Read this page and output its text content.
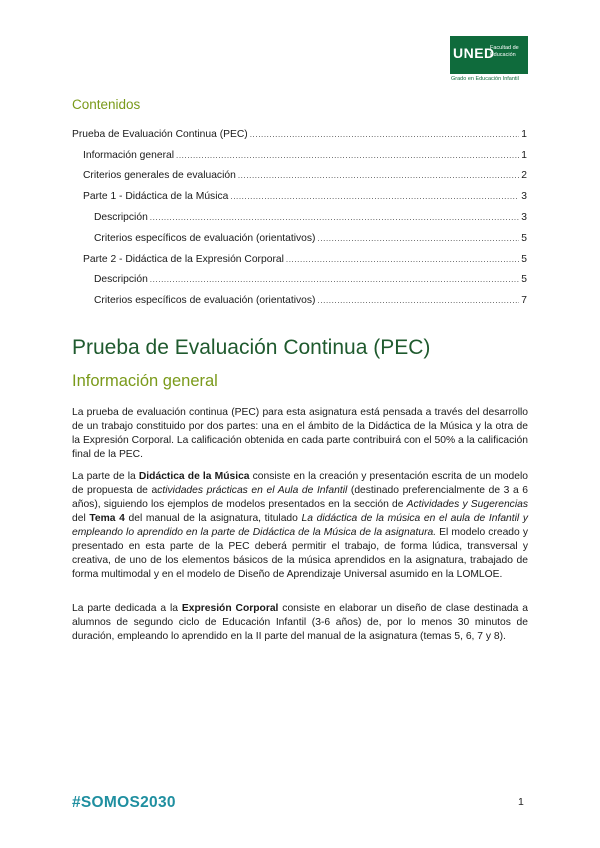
UNED
Facultad de Educación
Grado en Educación Infantil
Contenidos
Prueba de Evaluación Continua (PEC) .....	1
Información general .....	1
Criterios generales de evaluación .....	2
Parte 1 - Didáctica de la Música .....	3
Descripción .....	3
Criterios específicos de evaluación (orientativos) .....	5
Parte 2 - Didáctica de la Expresión Corporal .....	5
Descripción .....	5
Criterios específicos de evaluación (orientativos) .....	7
Prueba de Evaluación Continua (PEC)
Información general

La prueba de evaluación continua (PEC) para esta asignatura está pensada a través del desarrollo de un trabajo constituido por dos partes: una en el ámbito de la Didáctica de la Música y la otra de la Expresión Corporal. La calificación obtenida en cada parte contribuirá con el 50% a la calificación final de la PEC.

La parte de la Didáctica de la Música consiste en la creación y presentación escrita de un modelo de propuesta de actividades prácticas en el Aula de Infantil (destinado preferencialmente de 3 a 6 años), siguiendo los ejemplos de modelos presentados en la sección de Actividades y Sugerencias del Tema 4 del manual de la asignatura, titulado La didáctica de la música en el aula de Infantil y empleando lo aprendido en la parte de Didáctica de la Música de la asignatura. El modelo creado y presentado en esta parte de la PEC deberá permitir el trabajo, de forma lúdica, transversal y creativa, de uno de los elementos básicos de la música aprendidos en la asignatura, trabajado de forma multimodal y en el modelo de Diseño de Aprendizaje Universal asumido en la LOMLOE.

La parte dedicada a la Expresión Corporal consiste en elaborar un diseño de clase destinada a alumnos de segundo ciclo de Educación Infantil (3-6 años) de, por lo menos 30 minutos de duración, empleando lo aprendido en la II parte del manual de la asignatura (temas 5, 6, 7 y 8).

#SOMOS2030	1
